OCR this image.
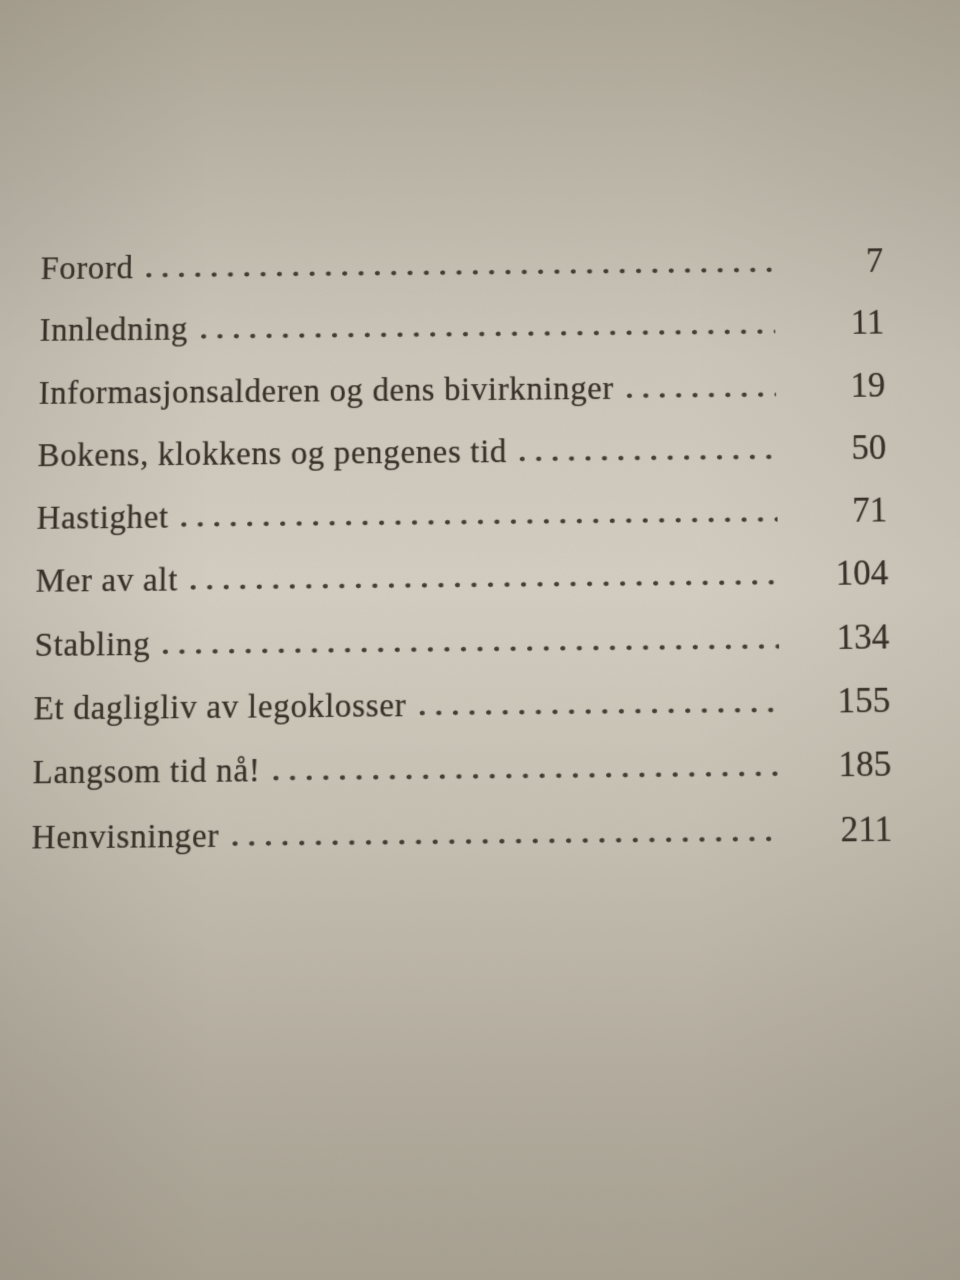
Forord	7
Innledning	11
Informasjonsalderen og dens bivirkninger	19
Bokens, klokkens og pengenes tid	50
Hastighet	71
Mer av alt	104
Stabling	134
Et dagligliv av legoklosser	155
Langsom tid nå!	185
Henvisninger	211
